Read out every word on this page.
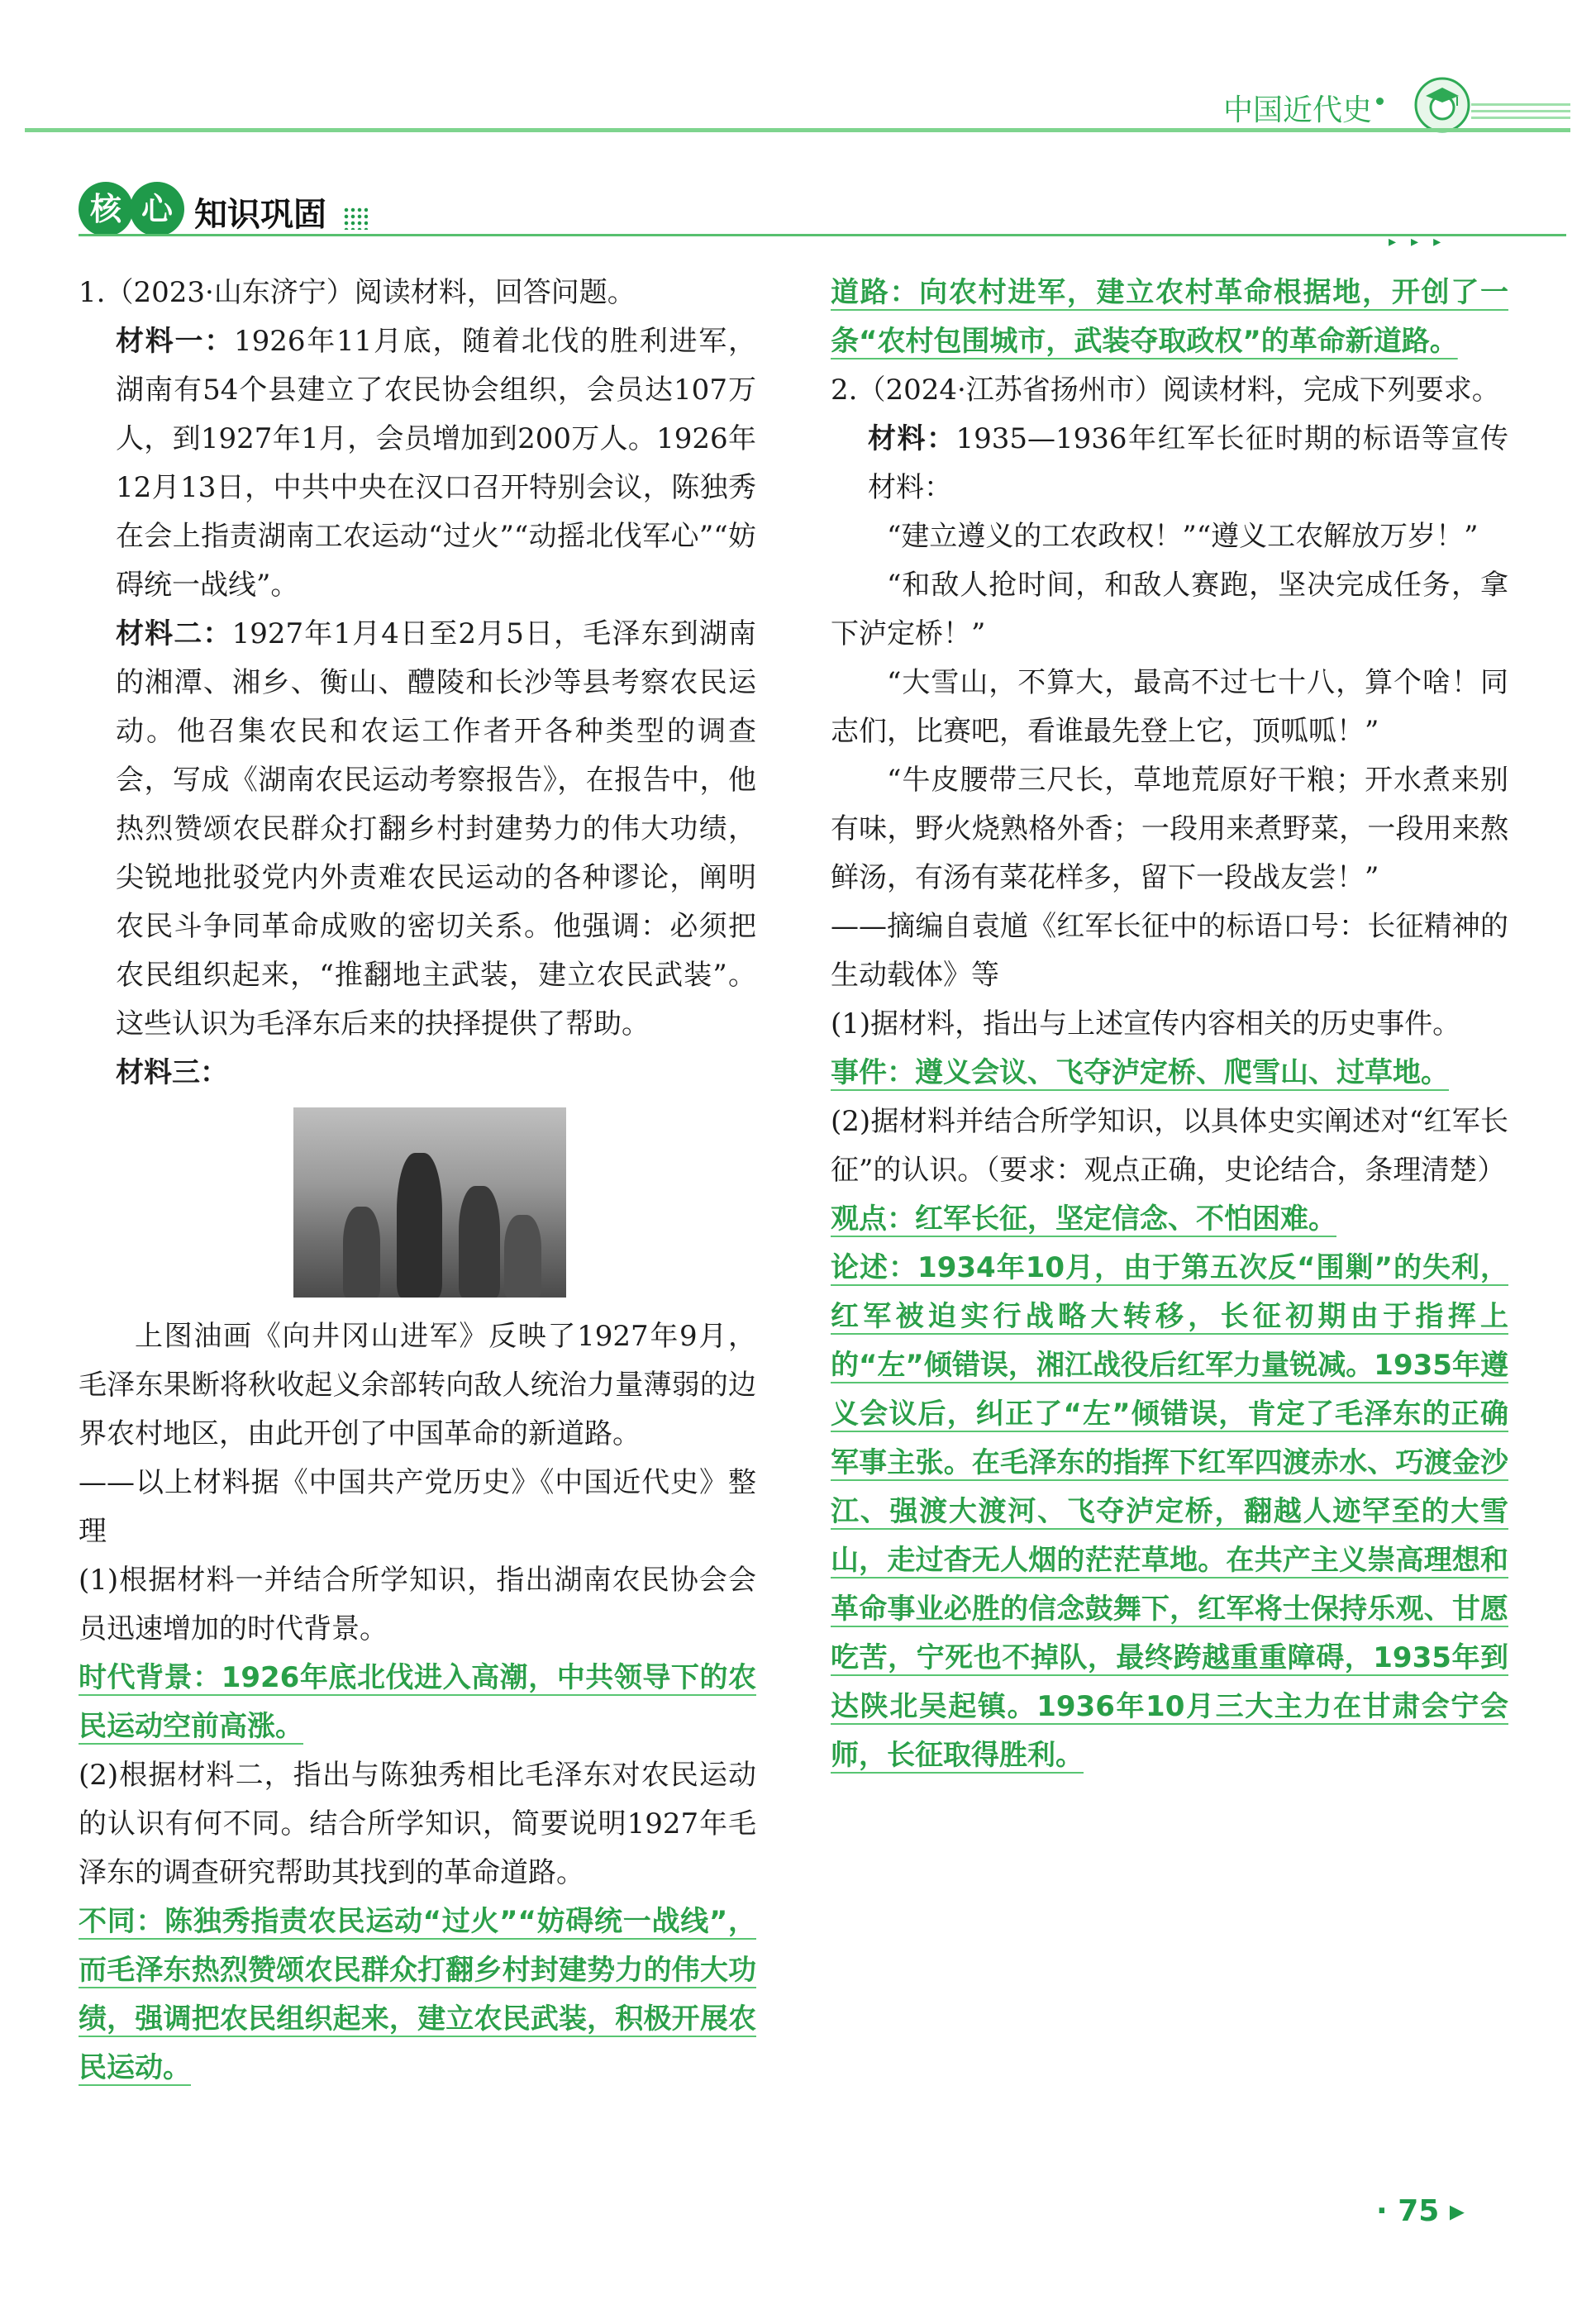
中国近代史
核 心 知识巩固
▸▸▸

1.（2023·山东济宁）阅读材料，回答问题。

材料一：1926年11月底，随着北伐的胜利进军，湖南有54个县建立了农民协会组织，会员达107万人，到1927年1月，会员增加到200万人。1926年12月13日，中共中央在汉口召开特别会议，陈独秀在会上指责湖南工农运动“过火”“动摇北伐军心”“妨碍统一战线”。

材料二：1927年1月4日至2月5日，毛泽东到湖南的湘潭、湘乡、衡山、醴陵和长沙等县考察农民运动。他召集农民和农运工作者开各种类型的调查会，写成《湖南农民运动考察报告》，在报告中，他热烈赞颂农民群众打翻乡村封建势力的伟大功绩，尖锐地批驳党内外责难农民运动的各种谬论，阐明农民斗争同革命成败的密切关系。他强调：必须把农民组织起来，“推翻地主武装，建立农民武装”。这些认识为毛泽东后来的抉择提供了帮助。

材料三：

上图油画《向井冈山进军》反映了1927年9月，毛泽东果断将秋收起义余部转向敌人统治力量薄弱的边界农村地区，由此开创了中国革命的新道路。

——以上材料据《中国共产党历史》《中国近代史》整理

(1)根据材料一并结合所学知识，指出湖南农民协会会员迅速增加的时代背景。

时代背景：1926年底北伐进入高潮，中共领导下的农民运动空前高涨。

(2)根据材料二，指出与陈独秀相比毛泽东对农民运动的认识有何不同。结合所学知识，简要说明1927年毛泽东的调查研究帮助其找到的革命道路。

不同：陈独秀指责农民运动“过火”“妨碍统一战线”，而毛泽东热烈赞颂农民群众打翻乡村封建势力的伟大功绩，强调把农民组织起来，建立农民武装，积极开展农民运动。

道路：向农村进军，建立农村革命根据地，开创了一条“农村包围城市，武装夺取政权”的革命新道路。

2.（2024·江苏省扬州市）阅读材料，完成下列要求。

材料：1935—1936年红军长征时期的标语等宣传材料：

“建立遵义的工农政权！”“遵义工农解放万岁！”

“和敌人抢时间，和敌人赛跑，坚决完成任务，拿下泸定桥！”

“大雪山，不算大，最高不过七十八，算个啥！同志们，比赛吧，看谁最先登上它，顶呱呱！”

“牛皮腰带三尺长，草地荒原好干粮；开水煮来别有味，野火烧熟格外香；一段用来煮野菜，一段用来熬鲜汤，有汤有菜花样多，留下一段战友尝！”

——摘编自袁馗《红军长征中的标语口号：长征精神的生动载体》等

(1)据材料，指出与上述宣传内容相关的历史事件。

事件：遵义会议、飞夺泸定桥、爬雪山、过草地。

(2)据材料并结合所学知识，以具体史实阐述对“红军长征”的认识。（要求：观点正确，史论结合，条理清楚）

观点：红军长征，坚定信念、不怕困难。

论述：1934年10月，由于第五次反“围剿”的失利，红军被迫实行战略大转移，长征初期由于指挥上的“左”倾错误，湘江战役后红军力量锐减。1935年遵义会议后，纠正了“左”倾错误，肯定了毛泽东的正确军事主张。在毛泽东的指挥下红军四渡赤水、巧渡金沙江、强渡大渡河、飞夺泸定桥，翻越人迹罕至的大雪山，走过杳无人烟的茫茫草地。在共产主义崇高理想和革命事业必胜的信念鼓舞下，红军将士保持乐观、甘愿吃苦，宁死也不掉队，最终跨越重重障碍，1935年到达陕北吴起镇。1936年10月三大主力在甘肃会宁会师，长征取得胜利。

· 75 ▸
